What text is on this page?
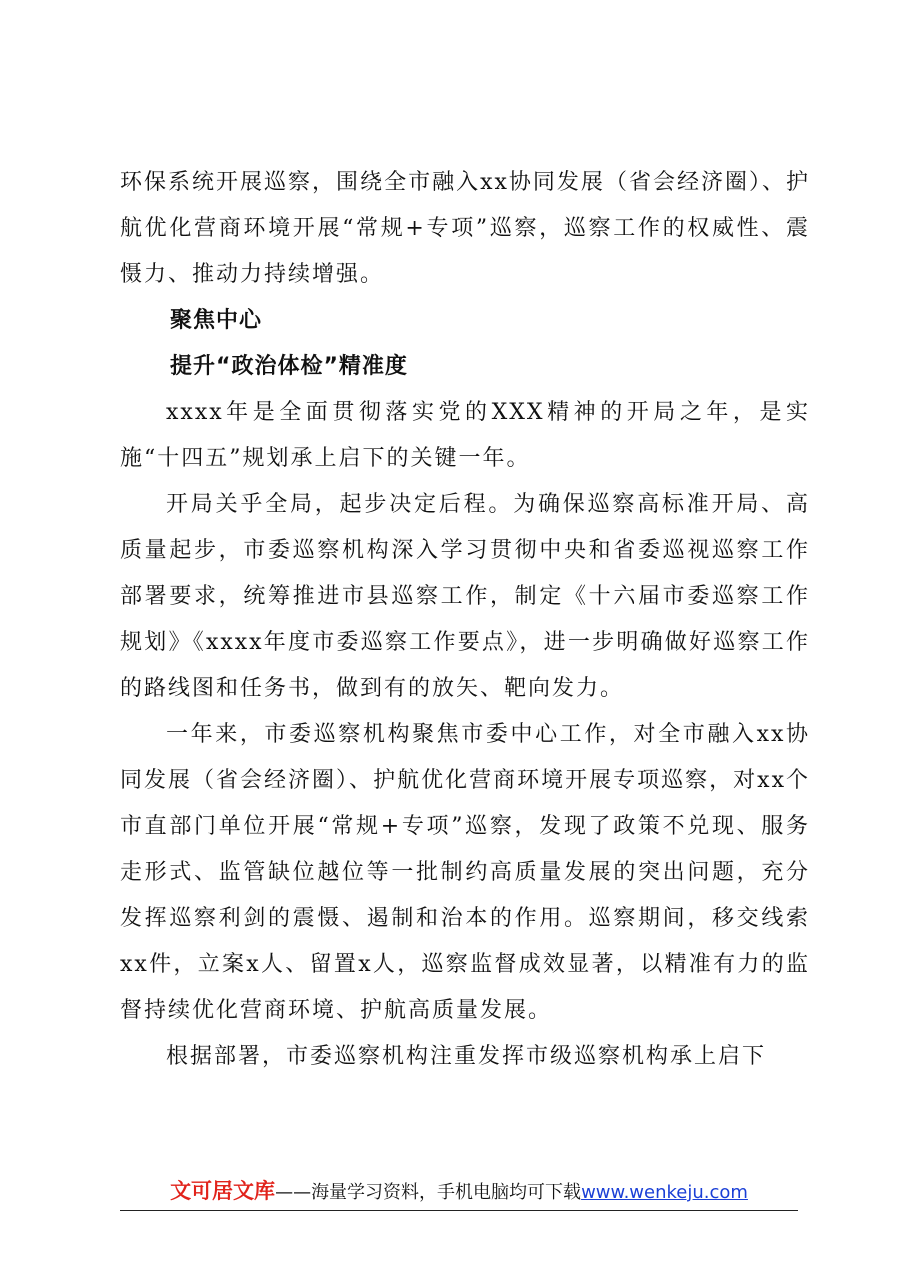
环保系统开展巡察，围绕全市融入xx协同发展（省会经济圈）、护航优化营商环境开展“常规+专项”巡察，巡察工作的权威性、震慑力、推动力持续增强。

聚焦中心

提升“政治体检”精准度

xxxx年是全面贯彻落实党的XXX精神的开局之年，是实施“十四五”规划承上启下的关键一年。

开局关乎全局，起步决定后程。为确保巡察高标准开局、高质量起步，市委巡察机构深入学习贯彻中央和省委巡视巡察工作部署要求，统筹推进市县巡察工作，制定《十六届市委巡察工作规划》《xxxx年度市委巡察工作要点》，进一步明确做好巡察工作的路线图和任务书，做到有的放矢、靶向发力。

一年来，市委巡察机构聚焦市委中心工作，对全市融入xx协同发展（省会经济圈）、护航优化营商环境开展专项巡察，对xx个市直部门单位开展“常规+专项”巡察，发现了政策不兑现、服务走形式、监管缺位越位等一批制约高质量发展的突出问题，充分发挥巡察利剑的震慑、遏制和治本的作用。巡察期间，移交线索xx件，立案x人、留置x人，巡察监督成效显著，以精准有力的监督持续优化营商环境、护航高质量发展。

根据部署，市委巡察机构注重发挥市级巡察机构承上启下

文可居文库——海量学习资料，手机电脑均可下载www.wenkeju.com
